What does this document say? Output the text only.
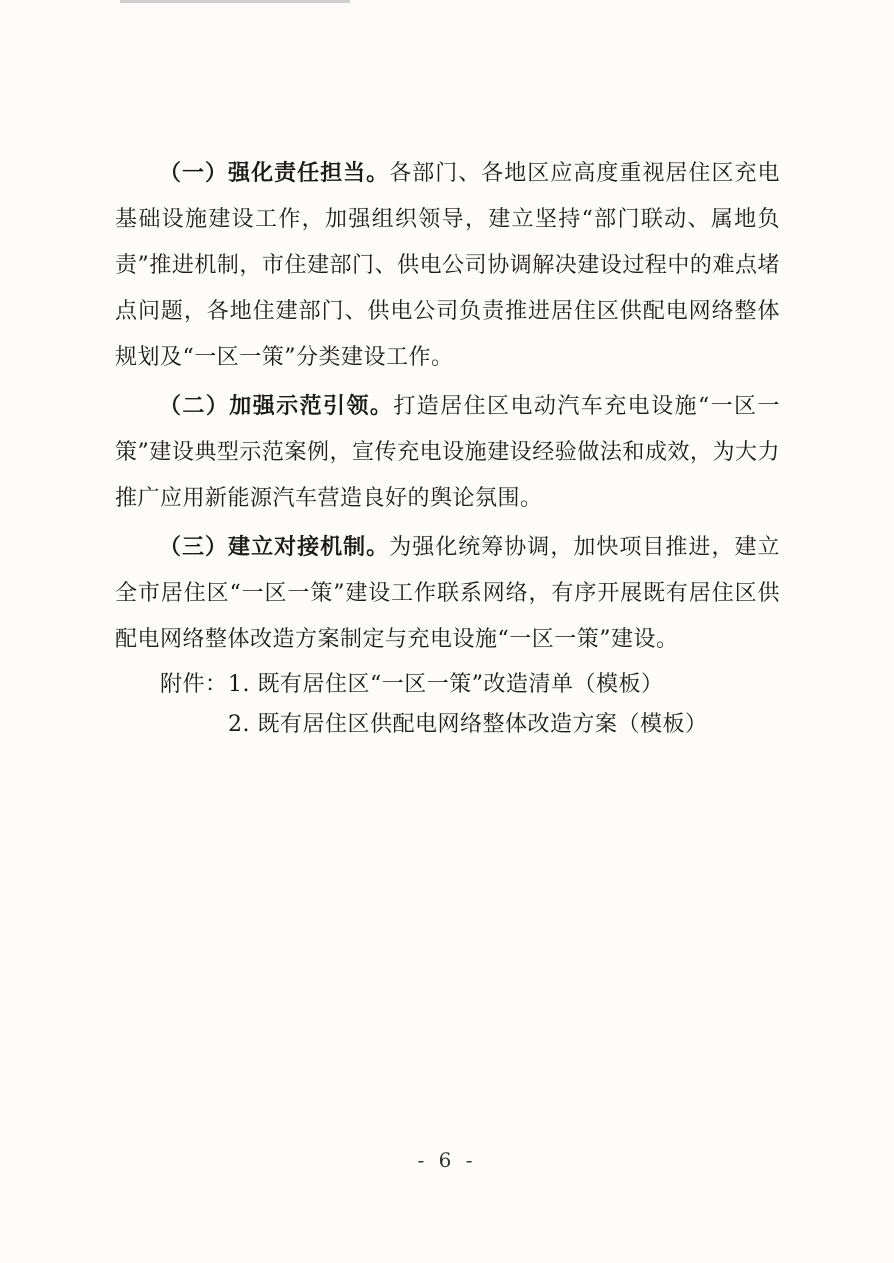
（一）强化责任担当。各部门、各地区应高度重视居住区充电基础设施建设工作，加强组织领导，建立坚持“部门联动、属地负责”推进机制，市住建部门、供电公司协调解决建设过程中的难点堵点问题，各地住建部门、供电公司负责推进居住区供配电网络整体规划及“一区一策”分类建设工作。

（二）加强示范引领。打造居住区电动汽车充电设施“一区一策”建设典型示范案例，宣传充电设施建设经验做法和成效，为大力推广应用新能源汽车营造良好的舆论氛围。

（三）建立对接机制。为强化统筹协调，加快项目推进，建立全市居住区“一区一策”建设工作联系网络，有序开展既有居住区供配电网络整体改造方案制定与充电设施“一区一策”建设。

附件：1. 既有居住区“一区一策”改造清单（模板）
2. 既有居住区供配电网络整体改造方案（模板）
- 6 -
